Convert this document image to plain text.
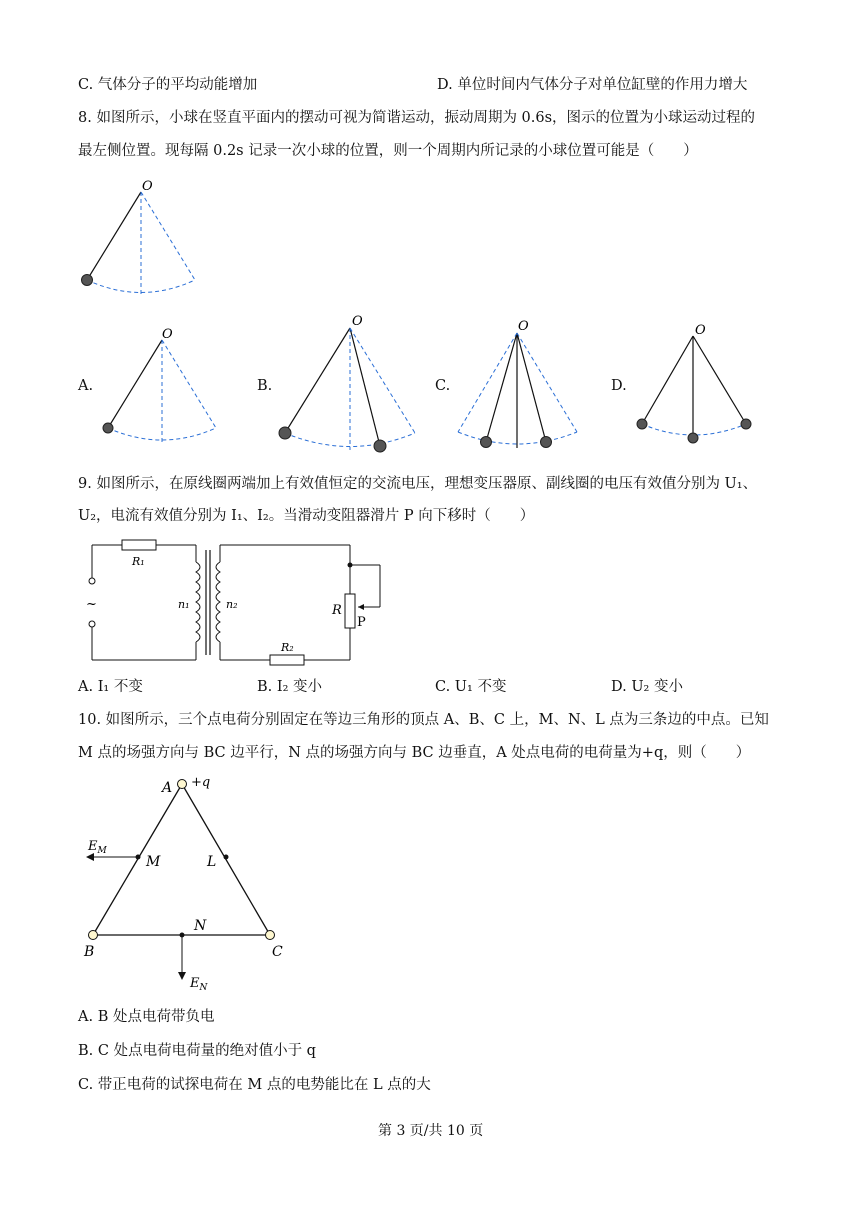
C. 气体分子的平均动能增加	D. 单位时间内气体分子对单位缸壁的作用力增大
8. 如图所示，小球在竖直平面内的摆动可视为简谐运动，振动周期为 0.6s，图示的位置为小球运动过程的
最左侧位置。现每隔 0.2s 记录一次小球的位置，则一个周期内所记录的小球位置可能是（　　）
O
A.
O
B.
O
C.
O
D.
O
9. 如图所示，在原线圈两端加上有效值恒定的交流电压，理想变压器原、副线圈的电压有效值分别为 U₁、
U₂，电流有效值分别为 I₁、I₂。当滑动变阻器滑片 P 向下移时（　　）
R₁
~	n₁	n₂	R
P
R₂
A. I₁ 不变	B. I₂ 变小	C. U₁ 不变	D. U₂ 变小
10. 如图所示，三个点电荷分别固定在等边三角形的顶点 A、B、C 上，M、N、L 点为三条边的中点。已知
M 点的场强方向与 BC 边平行，N 点的场强方向与 BC 边垂直，A 处点电荷的电荷量为+q，则（　　）
A +q
B	C
M	L
N
$E_M$
$E_N$
A. B 处点电荷带负电
B. C 处点电荷电荷量的绝对值小于 q
C. 带正电荷的试探电荷在 M 点的电势能比在 L 点的大
第 3 页/共 10 页
